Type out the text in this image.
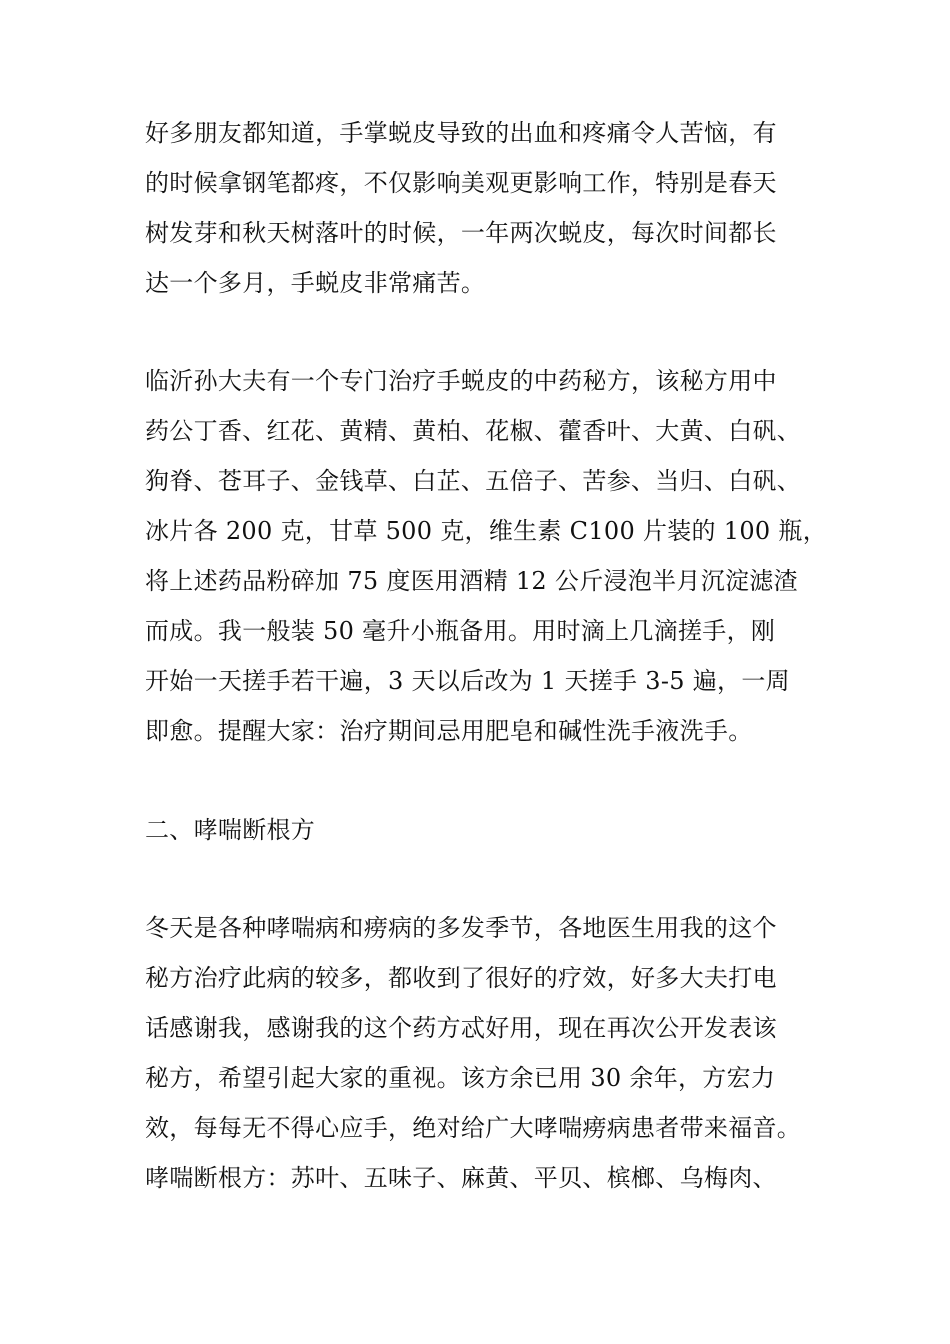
好多朋友都知道，手掌蜕皮导致的出血和疼痛令人苦恼，有
的时候拿钢笔都疼，不仅影响美观更影响工作，特别是春天
树发芽和秋天树落叶的时候，一年两次蜕皮，每次时间都长
达一个多月，手蜕皮非常痛苦。
临沂孙大夫有一个专门治疗手蜕皮的中药秘方，该秘方用中
药公丁香、红花、黄精、黄柏、花椒、藿香叶、大黄、白矾、
狗脊、苍耳子、金钱草、白芷、五倍子、苦参、当归、白矾、
冰片各 200 克，甘草 500 克，维生素 C100 片装的 100 瓶，
将上述药品粉碎加 75 度医用酒精 12 公斤浸泡半月沉淀滤渣
而成。我一般装 50 毫升小瓶备用。用时滴上几滴搓手，刚
开始一天搓手若干遍，3 天以后改为 1 天搓手 3-5 遍，一周
即愈。提醒大家：治疗期间忌用肥皂和碱性洗手液洗手。
二、哮喘断根方
冬天是各种哮喘病和痨病的多发季节，各地医生用我的这个
秘方治疗此病的较多，都收到了很好的疗效，好多大夫打电
话感谢我，感谢我的这个药方忒好用，现在再次公开发表该
秘方，希望引起大家的重视。该方余已用 30 余年，方宏力
效，每每无不得心应手，绝对给广大哮喘痨病患者带来福音。
哮喘断根方：苏叶、五味子、麻黄、平贝、槟榔、乌梅肉、
